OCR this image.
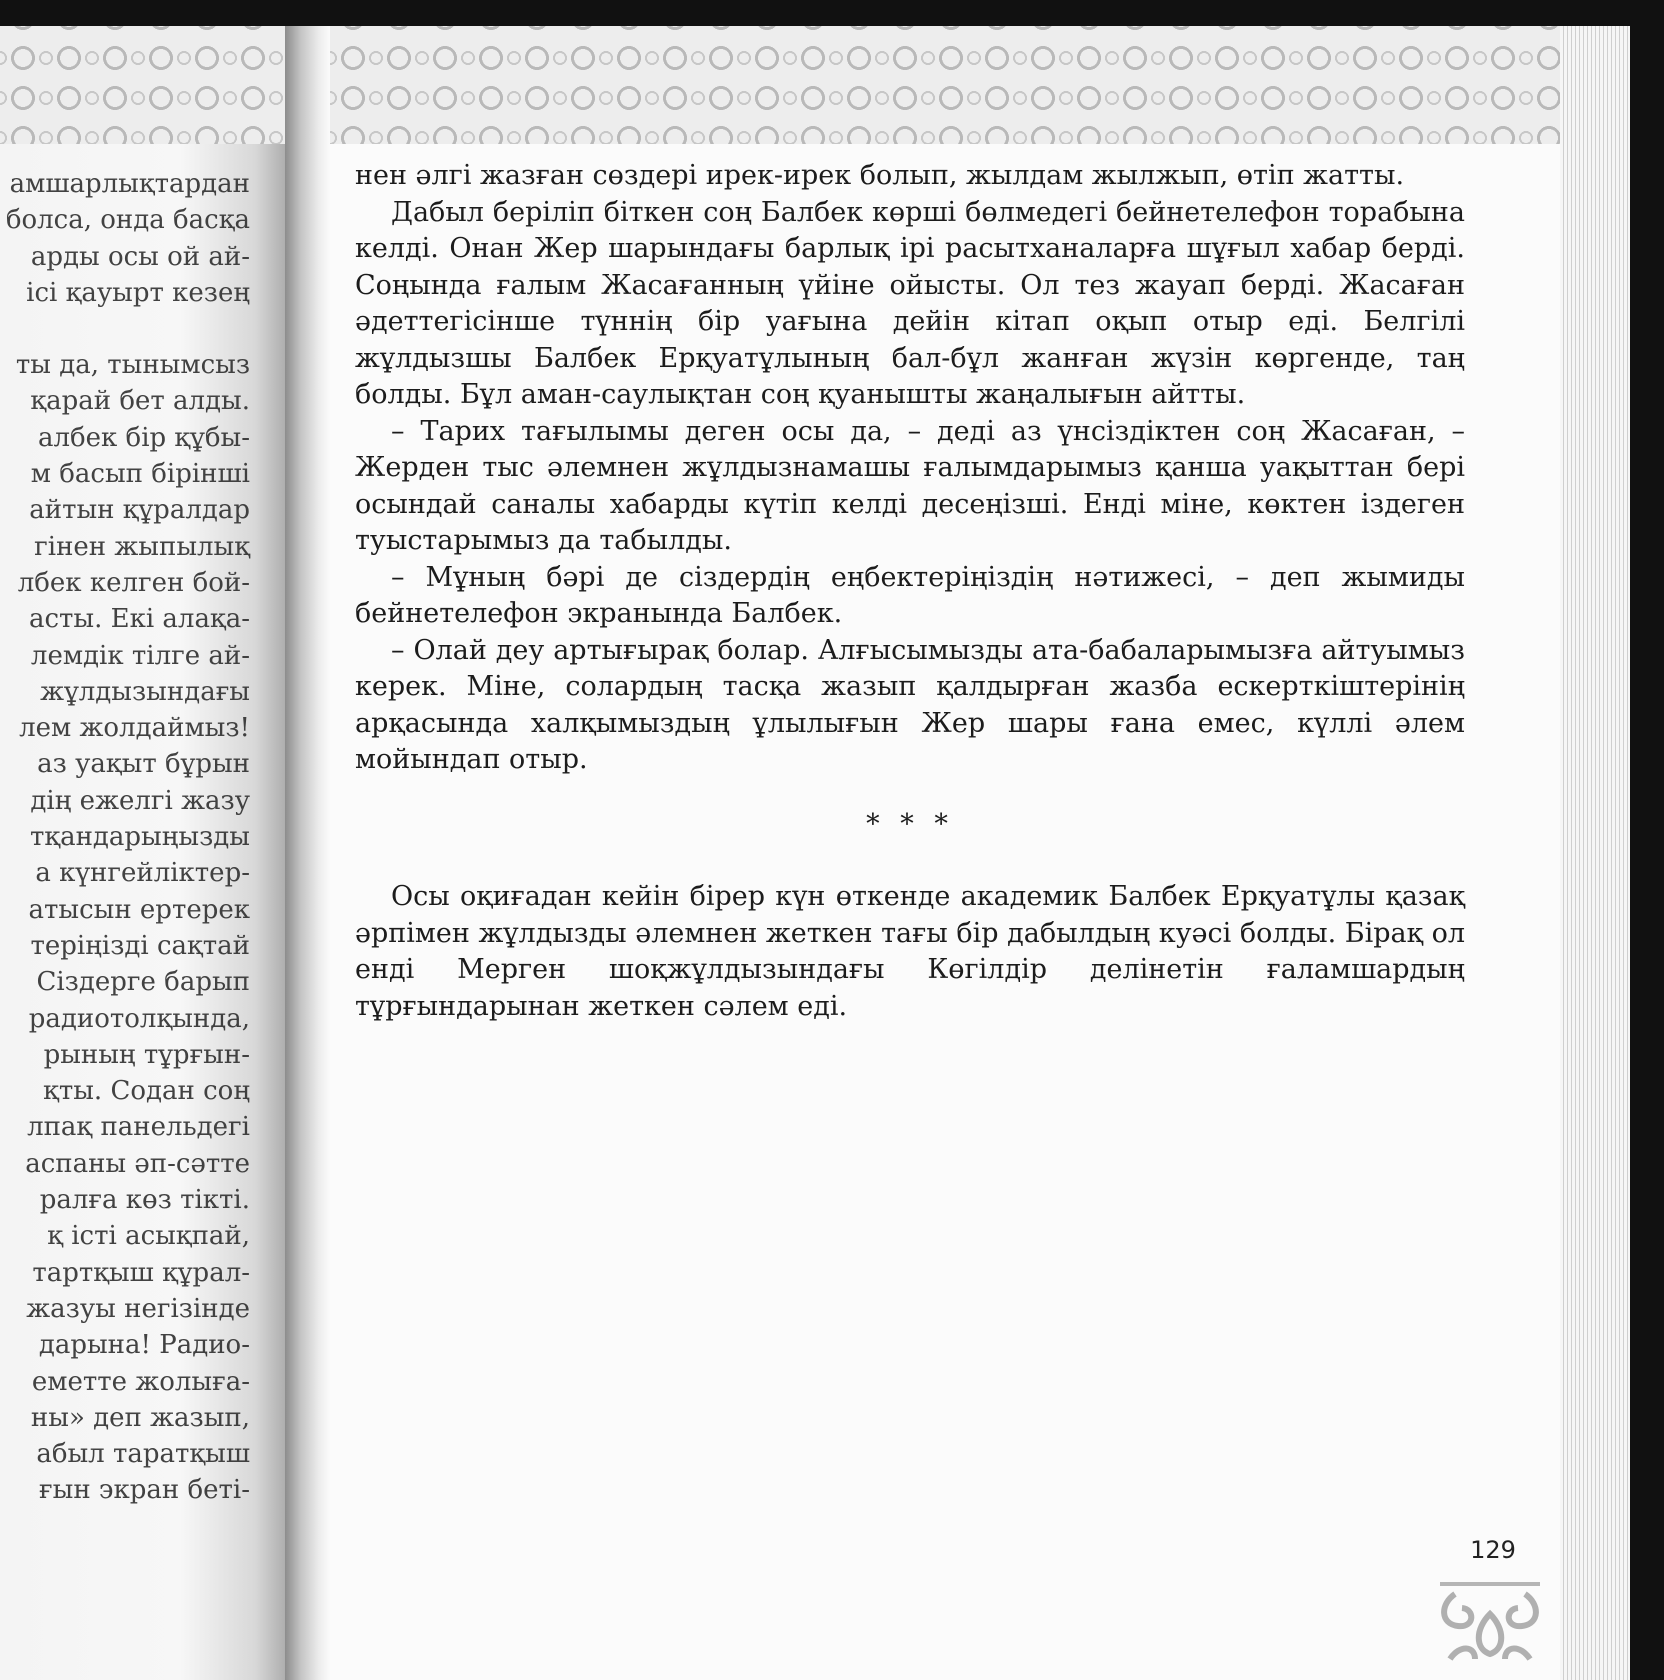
амшарлықтардан
болса, онда басқа
арды осы ой ай-
ісі қауырт кезең
ты да, тынымсыз
қарай бет алды.
албек бір құбы-
м басып бірінші
айтын құралдар
гінен жыпылық
лбек келген бой-
асты. Екі алақа-
лемдік тілге ай-
жұлдызындағы
лем жолдаймыз!
аз уақыт бұрын
дің ежелгі жазу
тқандарыңызды
а күнгейліктер-
атысын ертерек
теріңізді сақтай
Сіздерге барып
радиотолқында,
рының тұрғын-
қты. Содан соң
лпақ панельдегі
аспаны әп-сәтте
ралға көз тікті.
қ істі асықпай,
тартқыш құрал-
жазуы негізінде
дарына! Радио-
еметте жолыға-
ны» деп жазып,
абыл таратқыш
ғын экран беті-

нен әлгі жазған сөздері ирек-ирек болып, жылдам жылжып, өтіп жатты.

Дабыл беріліп біткен соң Балбек көрші бөлмедегі бейнетелефон торабына келді. Онан Жер шарындағы барлық ірі расытханаларға шұғыл хабар берді. Соңында ғалым Жасағанның үйіне ойысты. Ол тез жауап берді. Жасаған әдеттегісінше түннің бір уағына дейін кітап оқып отыр еді. Белгілі жұлдызшы Балбек Ерқуатұлының бал-бұл жанған жүзін көргенде, таң болды. Бұл аман-саулықтан соң қуанышты жаңалығын айтты.

– Тарих тағылымы деген осы да, – деді аз үнсіздіктен соң Жасаған, – Жерден тыс әлемнен жұлдызнамашы ғалымдарымыз қанша уақыттан бері осындай саналы хабарды күтіп келді десеңізші. Енді міне, көктен іздеген туыстарымыз да табылды.

– Мұның бәрі де сіздердің еңбектеріңіздің нәтижесі, – деп жымиды бейнетелефон экранында Балбек.

– Олай деу артығырақ болар. Алғысымызды ата-бабаларымызға айтуымыз керек. Міне, солардың тасқа жазып қалдырған жазба ескерткіштерінің арқасында халқымыздың ұлылығын Жер шары ғана емес, күллі әлем мойындап отыр.

* * *

Осы оқиғадан кейін бірер күн өткенде академик Балбек Ерқуатұлы қазақ әрпімен жұлдызды әлемнен жеткен тағы бір дабылдың куәсі болды. Бірақ ол енді Мерген шоқжұлдызындағы Көгілдір делінетін ғаламшардың тұрғындарынан жеткен сәлем еді.

129
